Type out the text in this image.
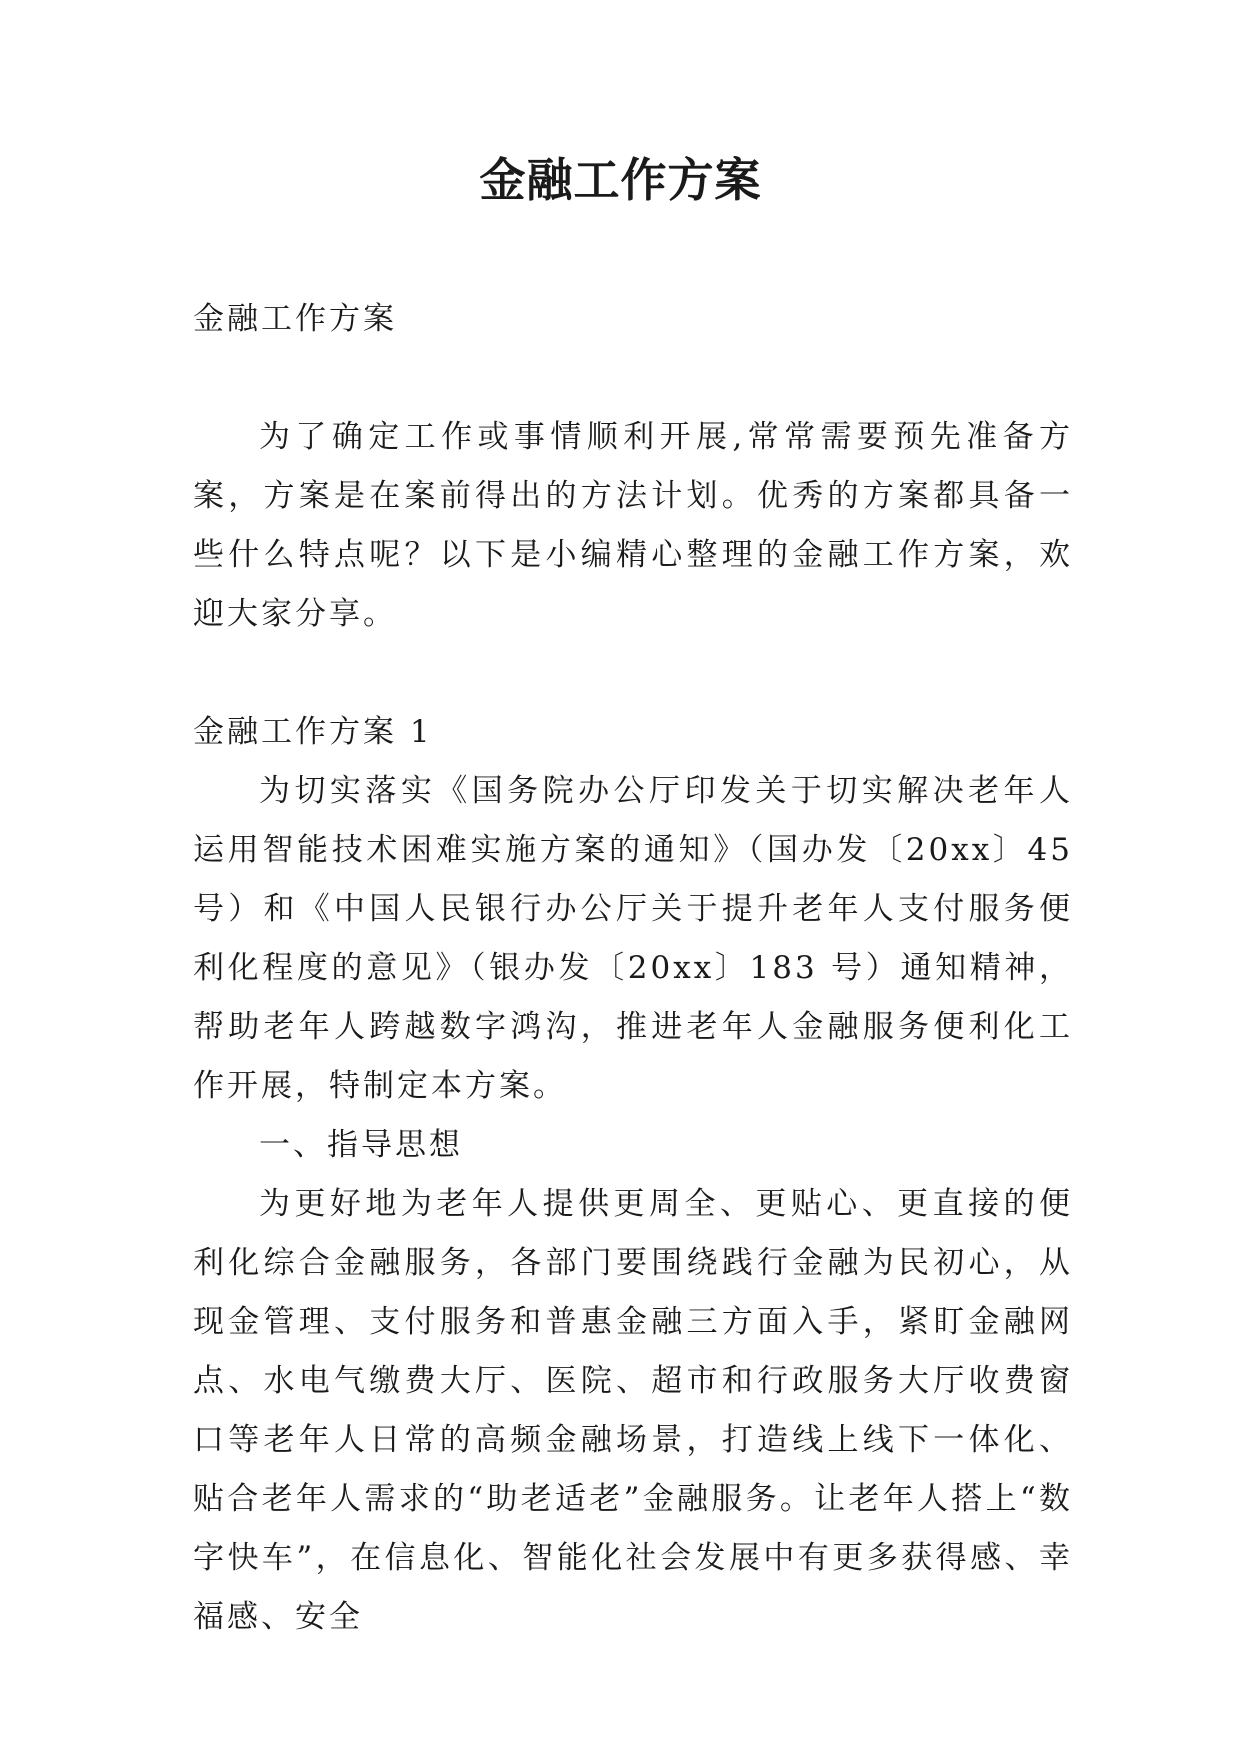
金融工作方案

金融工作方案

为了确定工作或事情顺利开展,常常需要预先准备方案，方案是在案前得出的方法计划。优秀的方案都具备一些什么特点呢？以下是小编精心整理的金融工作方案，欢迎大家分享。

金融工作方案 1

为切实落实《国务院办公厅印发关于切实解决老年人运用智能技术困难实施方案的通知》（国办发〔20xx〕45 号）和《中国人民银行办公厅关于提升老年人支付服务便利化程度的意见》（银办发〔20xx〕183 号）通知精神，帮助老年人跨越数字鸿沟，推进老年人金融服务便利化工作开展，特制定本方案。

一、指导思想

为更好地为老年人提供更周全、更贴心、更直接的便利化综合金融服务，各部门要围绕践行金融为民初心，从现金管理、支付服务和普惠金融三方面入手，紧盯金融网点、水电气缴费大厅、医院、超市和行政服务大厅收费窗口等老年人日常的高频金融场景，打造线上线下一体化、贴合老年人需求的“助老适老”金融服务。让老年人搭上“数字快车”，在信息化、智能化社会发展中有更多获得感、幸福感、安全
